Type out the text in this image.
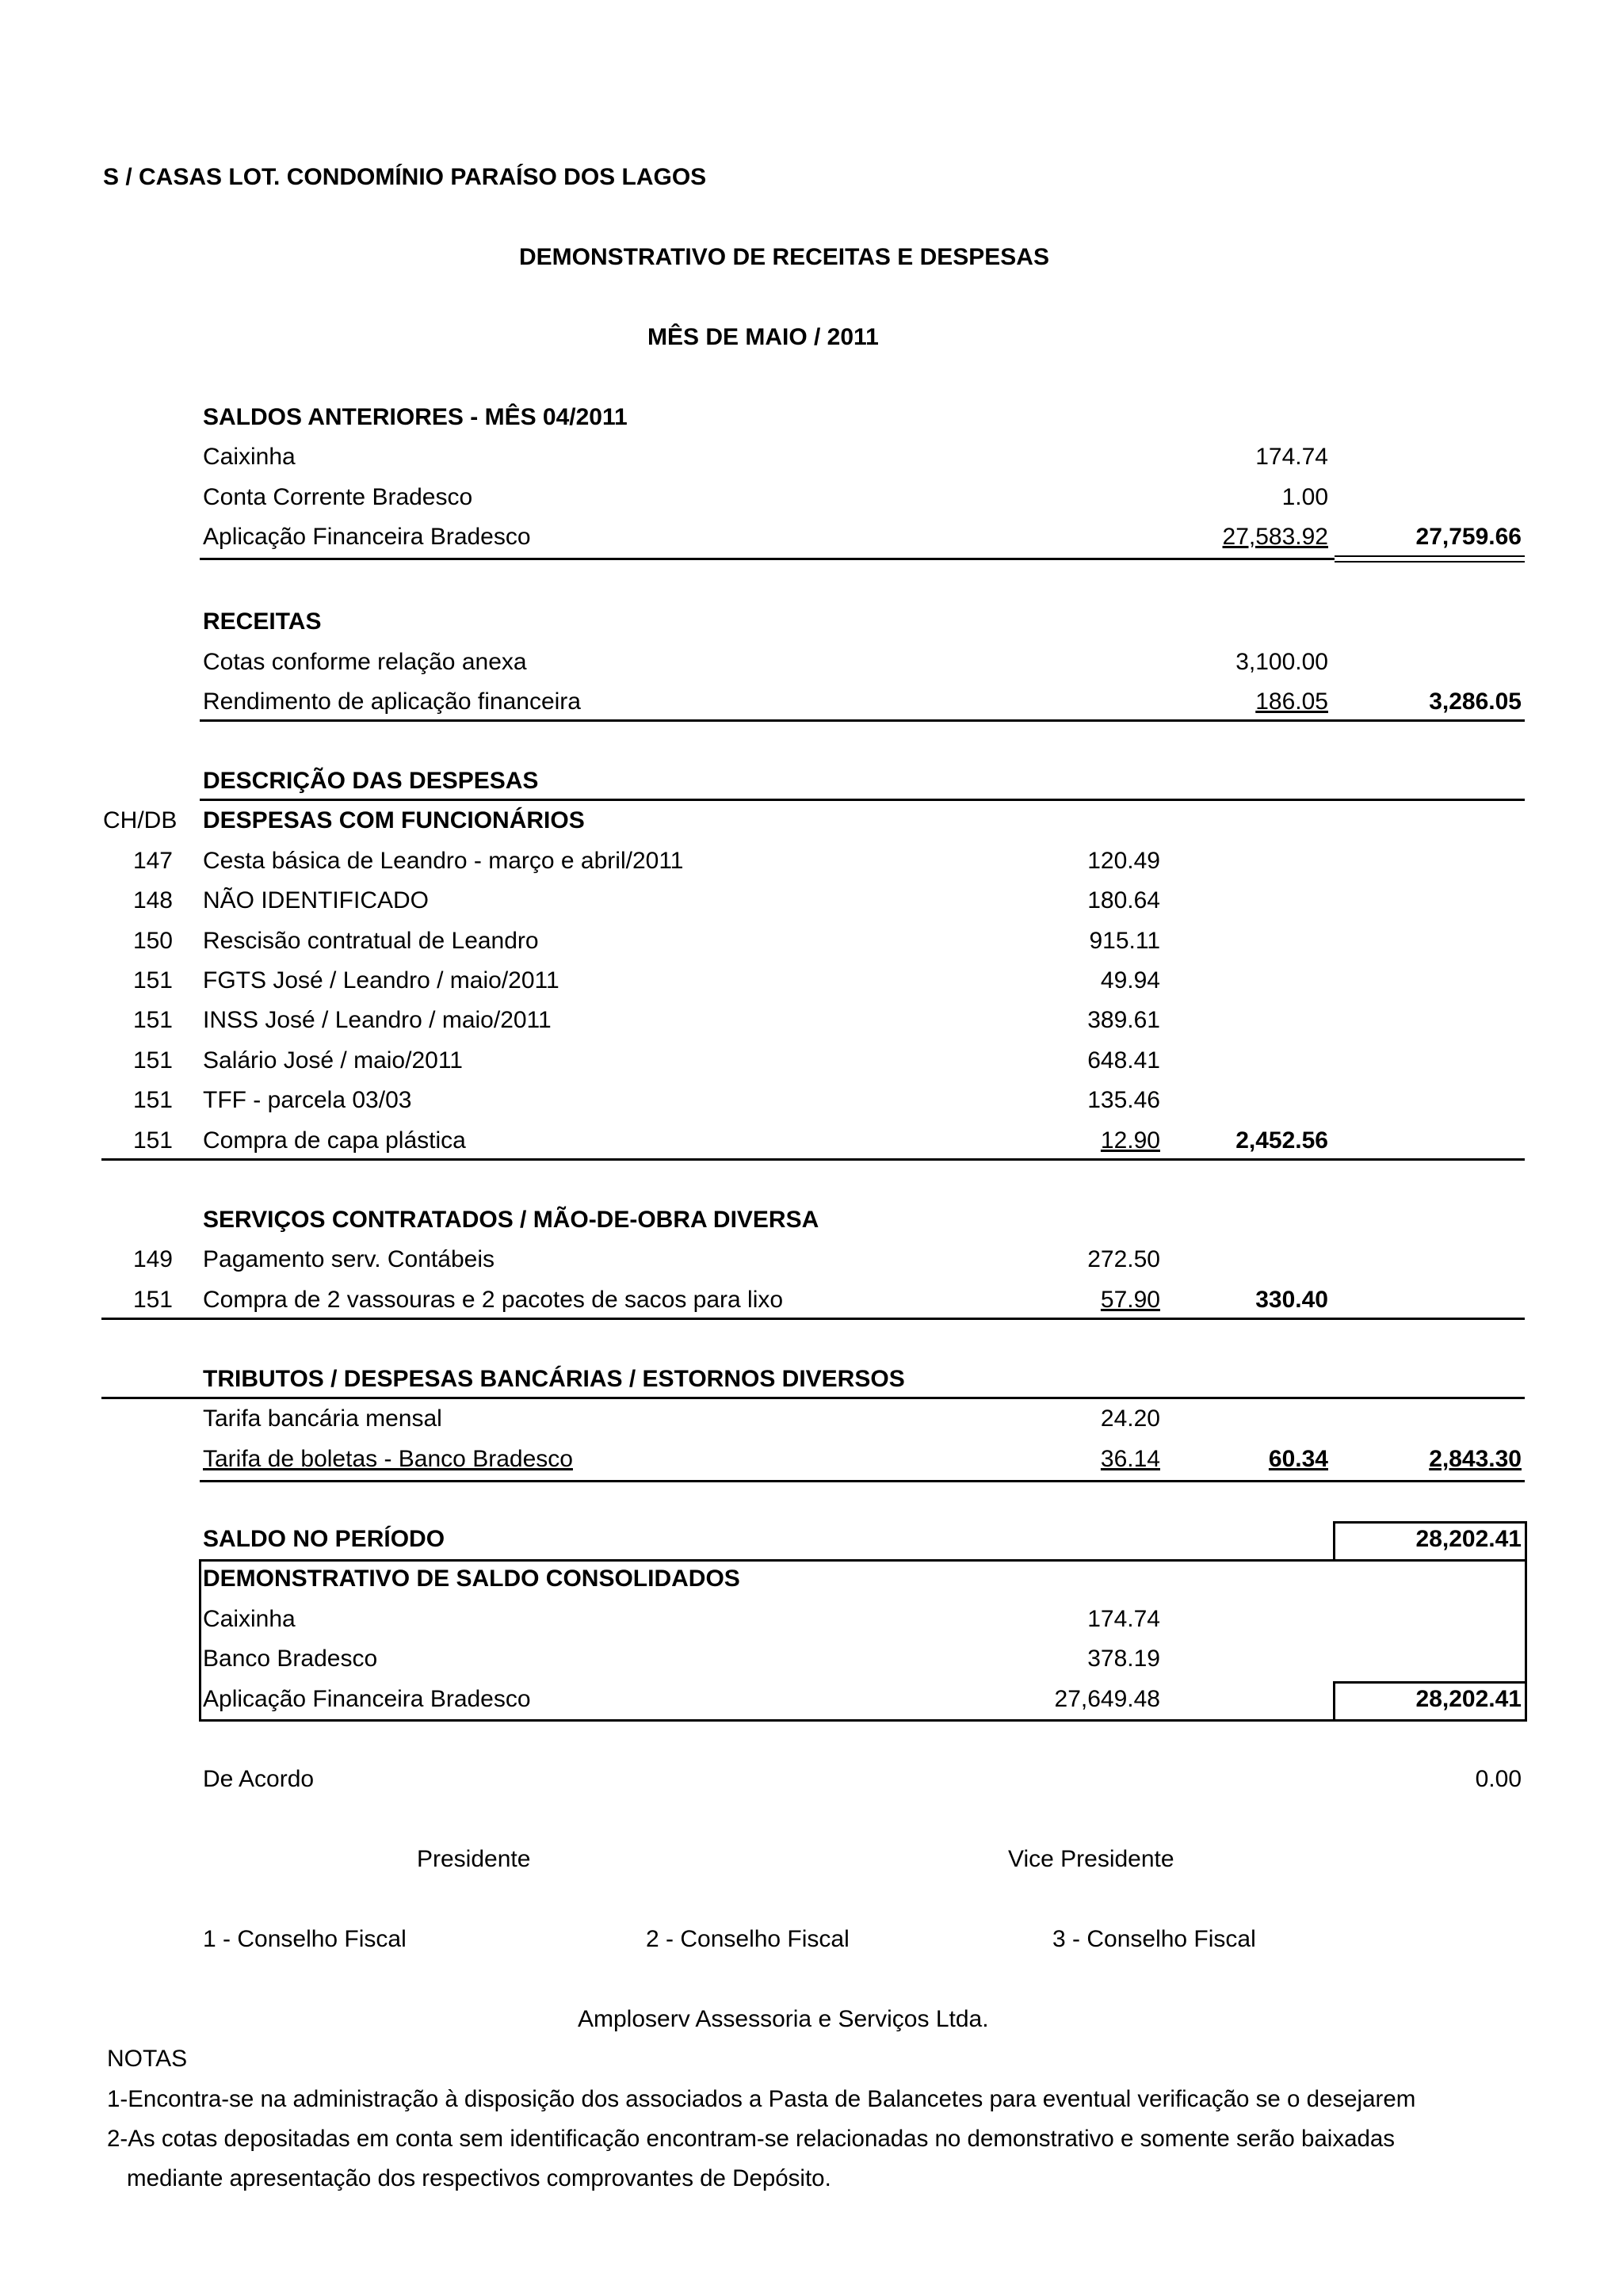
S / CASAS LOT. CONDOMÍNIO PARAÍSO DOS LAGOS
DEMONSTRATIVO DE RECEITAS E DESPESAS
MÊS DE MAIO / 2011
SALDOS ANTERIORES - MÊS 04/2011
Caixinha	174.74
Conta Corrente Bradesco	1.00
Aplicação Financeira Bradesco	27,583.92	27,759.66
RECEITAS
Cotas conforme relação anexa	3,100.00
Rendimento de aplicação financeira	186.05	3,286.05
DESCRIÇÃO DAS DESPESAS
CH/DB DESPESAS COM FUNCIONÁRIOS
147 Cesta básica de Leandro - março e abril/2011	120.49
148 NÃO IDENTIFICADO	180.64
150 Rescisão contratual de Leandro	915.11
151 FGTS José / Leandro / maio/2011	49.94
151 INSS José / Leandro / maio/2011	389.61
151 Salário José / maio/2011	648.41
151 TFF - parcela 03/03	135.46
151 Compra de capa plástica	12.90	2,452.56
SERVIÇOS CONTRATADOS / MÃO-DE-OBRA DIVERSA
149 Pagamento serv. Contábeis	272.50
151 Compra de 2 vassouras e 2 pacotes de sacos para lixo	57.90	330.40
TRIBUTOS / DESPESAS BANCÁRIAS / ESTORNOS DIVERSOS
Tarifa bancária mensal	24.20
Tarifa de boletas - Banco Bradesco	36.14	60.34	2,843.30
SALDO NO PERÍODO	28,202.41
DEMONSTRATIVO DE SALDO CONSOLIDADOS
Caixinha	174.74
Banco Bradesco	378.19
Aplicação Financeira Bradesco	27,649.48	28,202.41
De Acordo	0.00
Presidente	Vice Presidente
1 - Conselho Fiscal	2 - Conselho Fiscal	3 - Conselho Fiscal
Amploserv Assessoria e Serviços Ltda.
NOTAS
1-Encontra-se na administração à disposição dos associados a Pasta de Balancetes para eventual verificação se o desejarem
2-As cotas depositadas em conta sem identificação encontram-se relacionadas no demonstrativo e somente serão baixadas
mediante apresentação dos respectivos comprovantes de Depósito.
